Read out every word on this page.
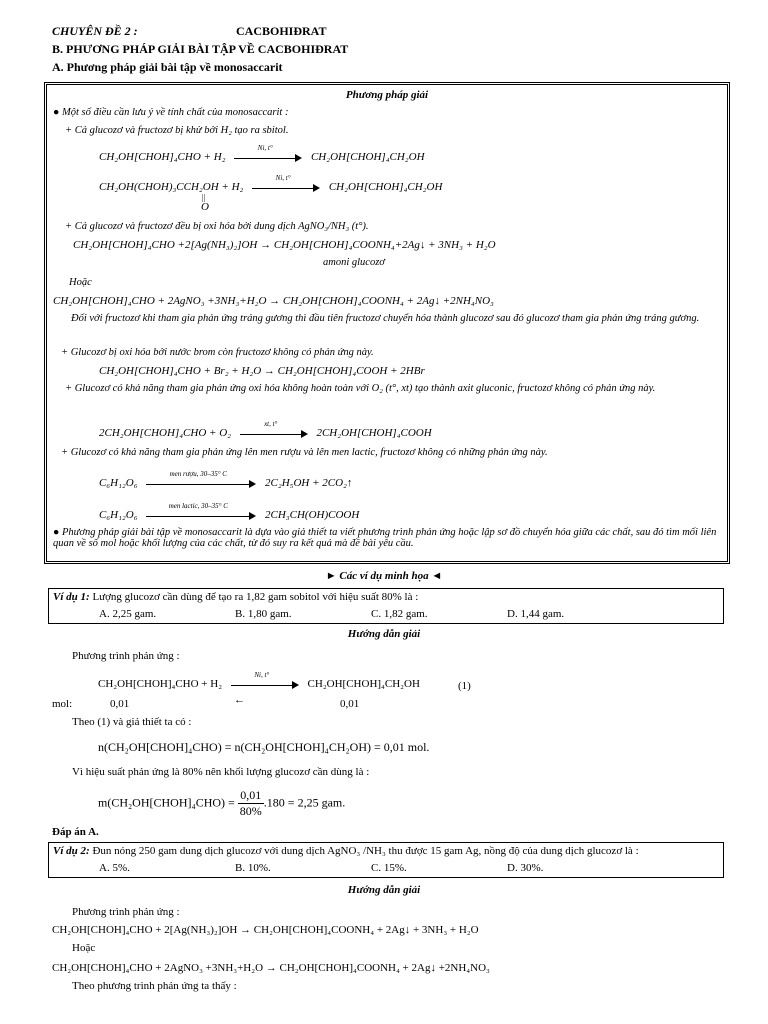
CHUYÊN ĐỀ 2 :	CACBOHIĐRAT
B. PHƯƠNG PHÁP GIẢI BÀI TẬP VỀ CACBOHIĐRAT
A. Phương pháp giải bài tập về monosaccarit
Phương pháp giải
● Một số điều cần lưu ý về tính chất của monosaccarit :
+ Cả glucozơ và fructozơ bị khử bởi H₂ tạo ra sbitol.
CH₂OH[CHOH]₄CHO + H₂
Ni, t°
CH₂OH[CHOH]₄CH₂OH
CH₂OH(CHOH)₃CCH₂OH + H₂
Ni, t°
CH₂OH[CHOH]₄CH₂OH
||
O
+ Cả glucozơ và fructozơ đều bị oxi hóa bởi dung dịch AgNO₃/NH₃ (t°).
CH₂OH[CHOH]₄CHO +2[Ag(NH₃)₂]OH → CH₂OH[CHOH]₄COONH₄+2Ag↓ + 3NH₃ + H₂O
amoni glucozơ
Hoặc
CH₂OH[CHOH]₄CHO + 2AgNO₃ +3NH₃+H₂O → CH₂OH[CHOH]₄COONH₄ + 2Ag↓ +2NH₄NO₃
Đối với fructozơ khi tham gia phản ứng tráng gương thì đầu tiên fructozơ chuyển hóa thành glucozơ sau đó glucozơ tham gia phản ứng tráng gương.
+ Glucozơ bị oxi hóa bởi nước brom còn fructozơ không có phản ứng này.
CH₂OH[CHOH]₄CHO + Br₂ + H₂O → CH₂OH[CHOH]₄COOH + 2HBr
+ Glucozơ có khả năng tham gia phản ứng oxi hóa không hoàn toàn với O₂ (t°, xt) tạo thành axit gluconic, fructozơ không có phản ứng này.
2CH₂OH[CHOH]₄CHO + O₂
xt, t°
2CH₂OH[CHOH]₄COOH
+ Glucozơ có khả năng tham gia phản ứng lên men rượu và lên men lactic, fructozơ không có những phản ứng này.
C₆H₁₂O₆
men rượu, 30–35° C
2C₂H₅OH + 2CO₂↑
C₆H₁₂O₆
men lactic, 30–35° C
2CH₃CH(OH)COOH
● Phương pháp giải bài tập về monosaccarit là dựa vào giả thiết ta viết phương trình phản ứng hoặc lập sơ đồ chuyển hóa giữa các chất, sau đó tìm mối liên quan về số mol hoặc khối lượng của các chất, từ đó suy ra kết quả mà đề bài yêu cầu.
► Các ví dụ minh họa ◄
Ví dụ 1: Lượng glucozơ cần dùng để tạo ra 1,82 gam sobitol với hiệu suất 80% là :
A. 2,25 gam.	B. 1,80 gam.	C. 1,82 gam.	D. 1,44 gam.
Hướng dẫn giải
Phương trình phản ứng :
CH₂OH[CHOH]₄CHO + H₂
Ni, t°
CH₂OH[CHOH]₄CH₂OH	(1)
mol:	0,01	←	0,01
Theo (1) và giả thiết ta có :
n(CH₂OH[CHOH]₄CHO) = n(CH₂OH[CHOH]₄CH₂OH) = 0,01 mol.
Vì hiệu suất phản ứng là 80% nên khối lượng glucozơ cần dùng là :
m(CH₂OH[CHOH]₄CHO) = $\frac{0,01}{80\%} .180 = 2,25$ gam.
Đáp án A.
Ví dụ 2: Đun nóng 250 gam dung dịch glucozơ với dung dịch AgNO₃ /NH₃ thu được 15 gam Ag, nồng độ của dung dịch glucozơ là :
A. 5%.	B. 10%.	C. 15%.	D. 30%.
Hướng dẫn giải
Phương trình phản ứng :
CH₂OH[CHOH]₄CHO + 2[Ag(NH₃)₂]OH → CH₂OH[CHOH]₄COONH₄ + 2Ag↓ + 3NH₃ + H₂O
Hoặc
CH₂OH[CHOH]₄CHO + 2AgNO₃ +3NH₃+H₂O → CH₂OH[CHOH]₄COONH₄ + 2Ag↓ +2NH₄NO₃
Theo phương trình phản ứng ta thấy :
